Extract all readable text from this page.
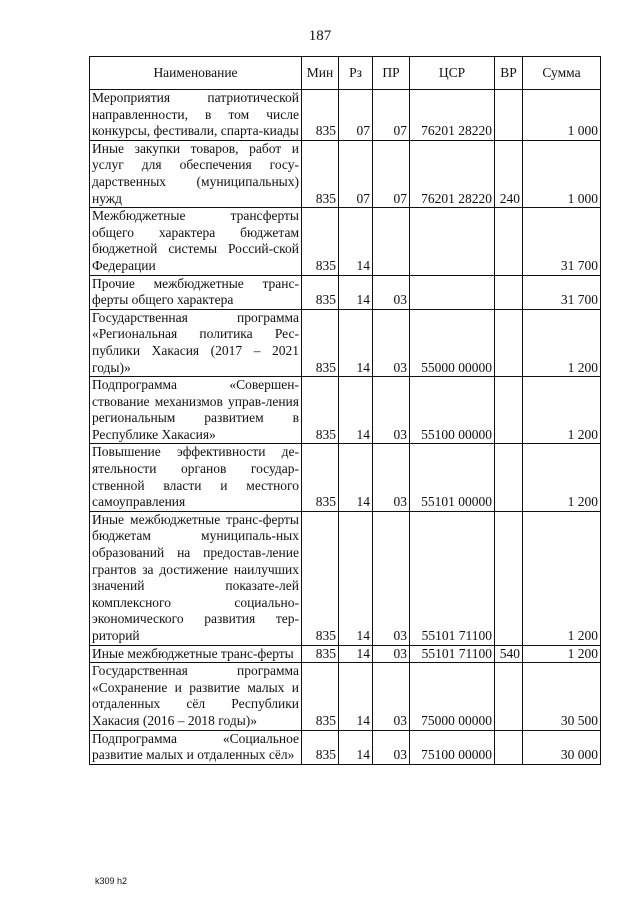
187
Наименование	Мин	Рз	ПР	ЦСР	ВР	Сумма
Мероприятия патриотической направленности, в том числе конкурсы, фестивали, спарта-киады	835	07	07	76201 28220		1 000
Иные закупки товаров, работ и услуг для обеспечения госу-дарственных (муниципальных) нужд	835	07	07	76201 28220	240	1 000
Межбюджетные трансферты общего характера бюджетам бюджетной системы Россий-ской Федерации	835	14				31 700
Прочие межбюджетные транс-ферты общего характера	835	14	03			31 700
Государственная программа «Региональная политика Рес-публики Хакасия (2017 – 2021 годы)»	835	14	03	55000 00000		1 200
Подпрограмма «Совершен-ствование механизмов управ-ления региональным развитием в Республике Хакасия»	835	14	03	55100 00000		1 200
Повышение эффективности де-ятельности органов государ-ственной власти и местного самоуправления	835	14	03	55101 00000		1 200
Иные межбюджетные транс-ферты бюджетам муниципаль-ных образований на предостав-ление грантов за достижение наилучших значений показате-лей комплексного социально-экономического развития тер-риторий	835	14	03	55101 71100		1 200
Иные межбюджетные транс-ферты	835	14	03	55101 71100	540	1 200
Государственная программа «Сохранение и развитие малых и отдаленных сёл Республики Хакасия (2016 – 2018 годы)»	835	14	03	75000 00000		30 500
Подпрограмма «Социальное развитие малых и отдаленных сёл»	835	14	03	75100 00000		30 000
k309 h2
